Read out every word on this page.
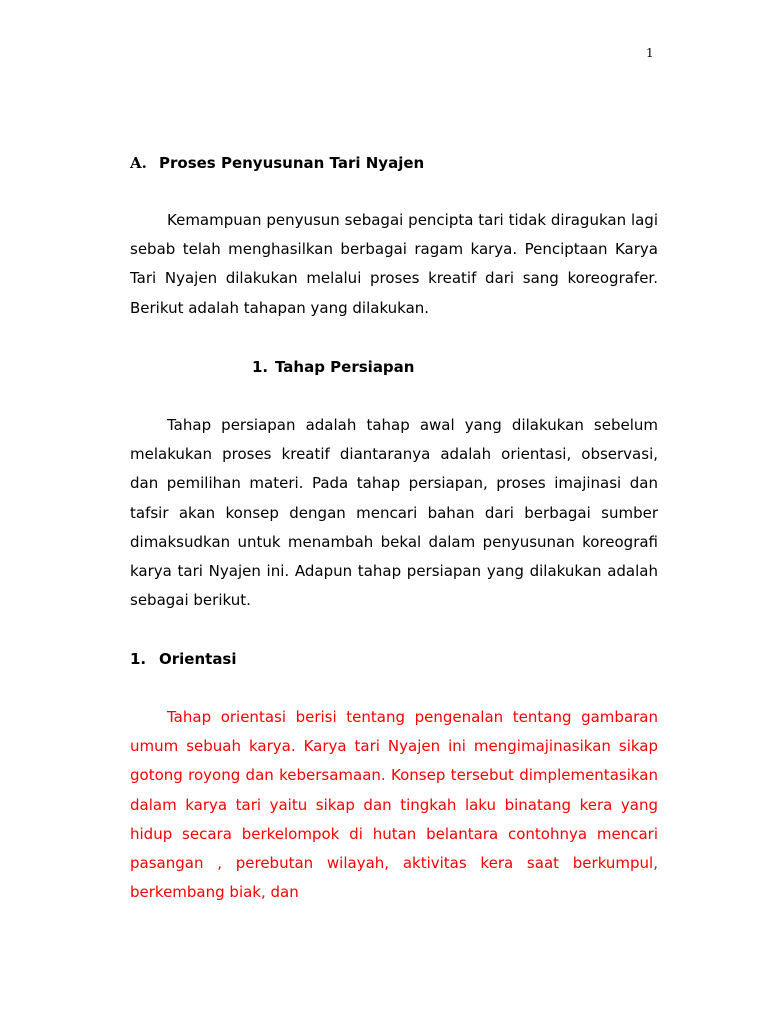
1
A. Proses Penyusunan Tari Nyajen

Kemampuan penyusun sebagai pencipta tari tidak diragukan lagi sebab telah menghasilkan berbagai ragam karya. Penciptaan Karya Tari Nyajen dilakukan melalui proses kreatif dari sang koreografer. Berikut adalah tahapan yang dilakukan.

1. Tahap Persiapan

Tahap persiapan adalah tahap awal yang dilakukan sebelum melakukan proses kreatif diantaranya adalah orientasi, observasi, dan pemilihan materi. Pada tahap persiapan, proses imajinasi dan tafsir akan konsep dengan mencari bahan dari berbagai sumber dimaksudkan untuk menambah bekal dalam penyusunan koreografi karya tari Nyajen ini. Adapun tahap persiapan yang dilakukan adalah sebagai berikut.

1. Orientasi

Tahap orientasi berisi tentang pengenalan tentang gambaran umum sebuah karya. Karya tari Nyajen ini mengimajinasikan sikap gotong royong dan kebersamaan. Konsep tersebut dimplementasikan dalam karya tari yaitu sikap dan tingkah laku binatang kera yang hidup secara berkelompok di hutan belantara contohnya mencari pasangan , perebutan wilayah, aktivitas kera saat berkumpul, berkembang biak, dan
